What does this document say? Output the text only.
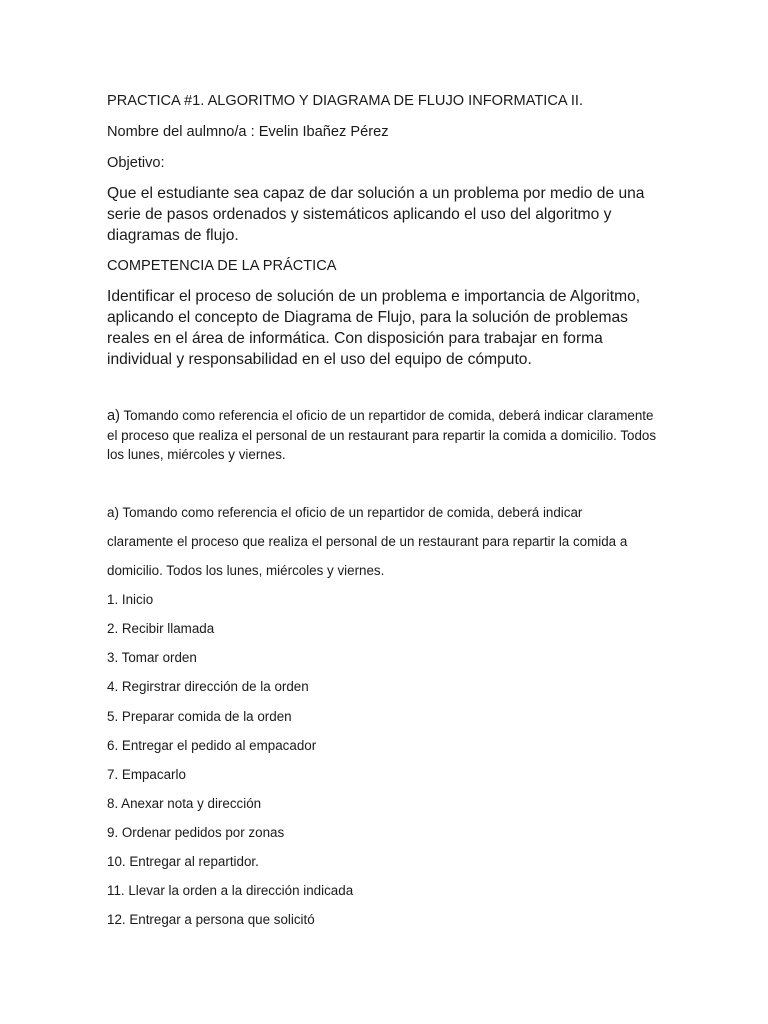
PRACTICA #1. ALGORITMO Y DIAGRAMA DE FLUJO INFORMATICA II.
Nombre del aulmno/a : Evelin Ibañez Pérez
Objetivo:
Que el estudiante sea capaz de dar solución a un problema por medio de una serie de pasos ordenados y sistemáticos aplicando el uso del algoritmo y diagramas de flujo.
COMPETENCIA DE LA PRÁCTICA
Identificar el proceso de solución de un problema e importancia de Algoritmo, aplicando el concepto de Diagrama de Flujo, para la solución de problemas reales en el área de informática. Con disposición para trabajar en forma individual y responsabilidad en el uso del equipo de cómputo.
a) Tomando como referencia el oficio de un repartidor de comida, deberá indicar claramente el proceso que realiza el personal de un restaurant para repartir la comida a domicilio. Todos los lunes, miércoles y viernes.
a) Tomando como referencia el oficio de un repartidor de comida, deberá indicar
claramente el proceso que realiza el personal de un restaurant para repartir la comida a
domicilio. Todos los lunes, miércoles y viernes.
1. Inicio
2. Recibir llamada
3. Tomar orden
4. Regirstrar dirección de la orden
5. Preparar comida de la orden
6. Entregar el pedido al empacador
7. Empacarlo
8. Anexar nota y dirección
9. Ordenar pedidos por zonas
10. Entregar al repartidor.
11. Llevar la orden a la dirección indicada
12. Entregar a persona que solicitó
